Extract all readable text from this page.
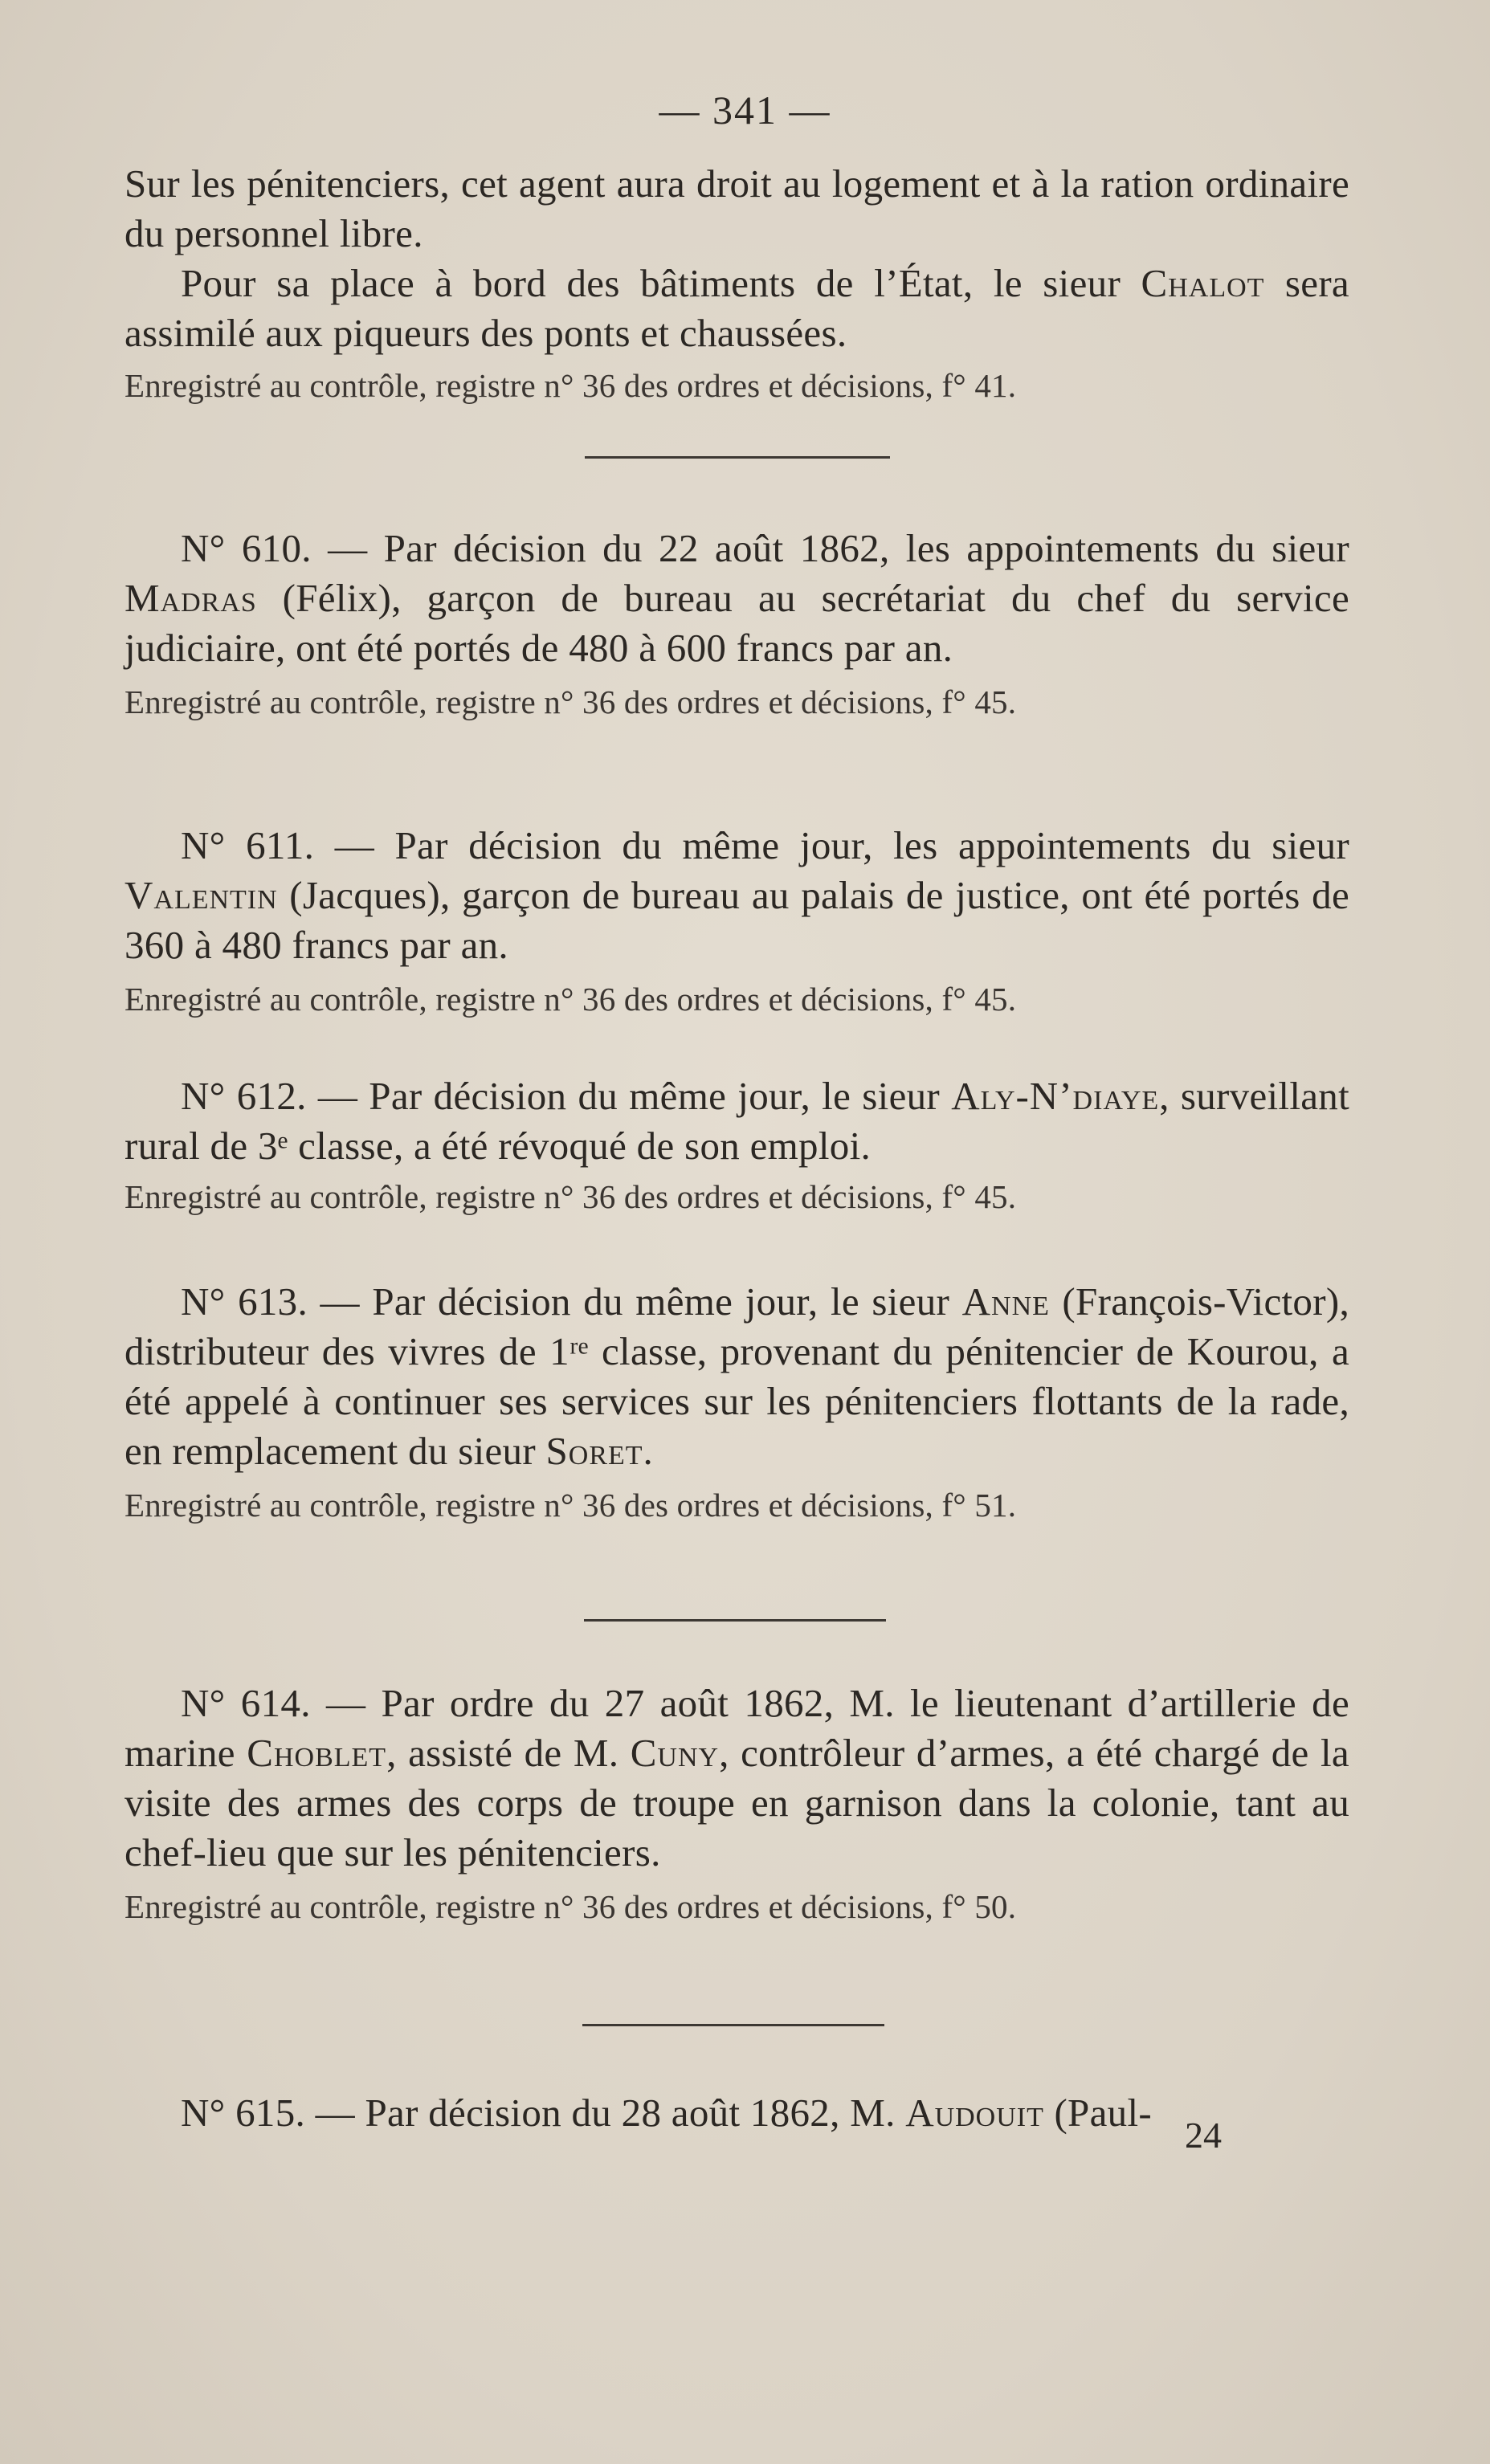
— 341 —

Sur les pénitenciers, cet agent aura droit au logement et à la ration ordinaire du personnel libre.

Pour sa place à bord des bâtiments de l’État, le sieur Chalot sera assimilé aux piqueurs des ponts et chaussées.

Enregistré au contrôle, registre n° 36 des ordres et décisions, f° 41.

N° 610. — Par décision du 22 août 1862, les appointements du sieur Madras (Félix), garçon de bureau au secrétariat du chef du service judiciaire, ont été portés de 480 à 600 francs par an.

Enregistré au contrôle, registre n° 36 des ordres et décisions, f° 45.

N° 611. — Par décision du même jour, les appointements du sieur Valentin (Jacques), garçon de bureau au palais de justice, ont été portés de 360 à 480 francs par an.

Enregistré au contrôle, registre n° 36 des ordres et décisions, f° 45.

N° 612. — Par décision du même jour, le sieur Aly-N’diaye, surveillant rural de 3ᵉ classe, a été révoqué de son emploi.

Enregistré au contrôle, registre n° 36 des ordres et décisions, f° 45.

N° 613. — Par décision du même jour, le sieur Anne (François-Victor), distributeur des vivres de 1ʳᵉ classe, provenant du pénitencier de Kourou, a été appelé à continuer ses services sur les pénitenciers flottants de la rade, en remplacement du sieur Soret.

Enregistré au contrôle, registre n° 36 des ordres et décisions, f° 51.

N° 614. — Par ordre du 27 août 1862, M. le lieutenant d’artillerie de marine Choblet, assisté de M. Cuny, contrôleur d’armes, a été chargé de la visite des armes des corps de troupe en garnison dans la colonie, tant au chef-lieu que sur les pénitenciers.

Enregistré au contrôle, registre n° 36 des ordres et décisions, f° 50.

N° 615. — Par décision du 28 août 1862, M. Audouit (Paul-

24
